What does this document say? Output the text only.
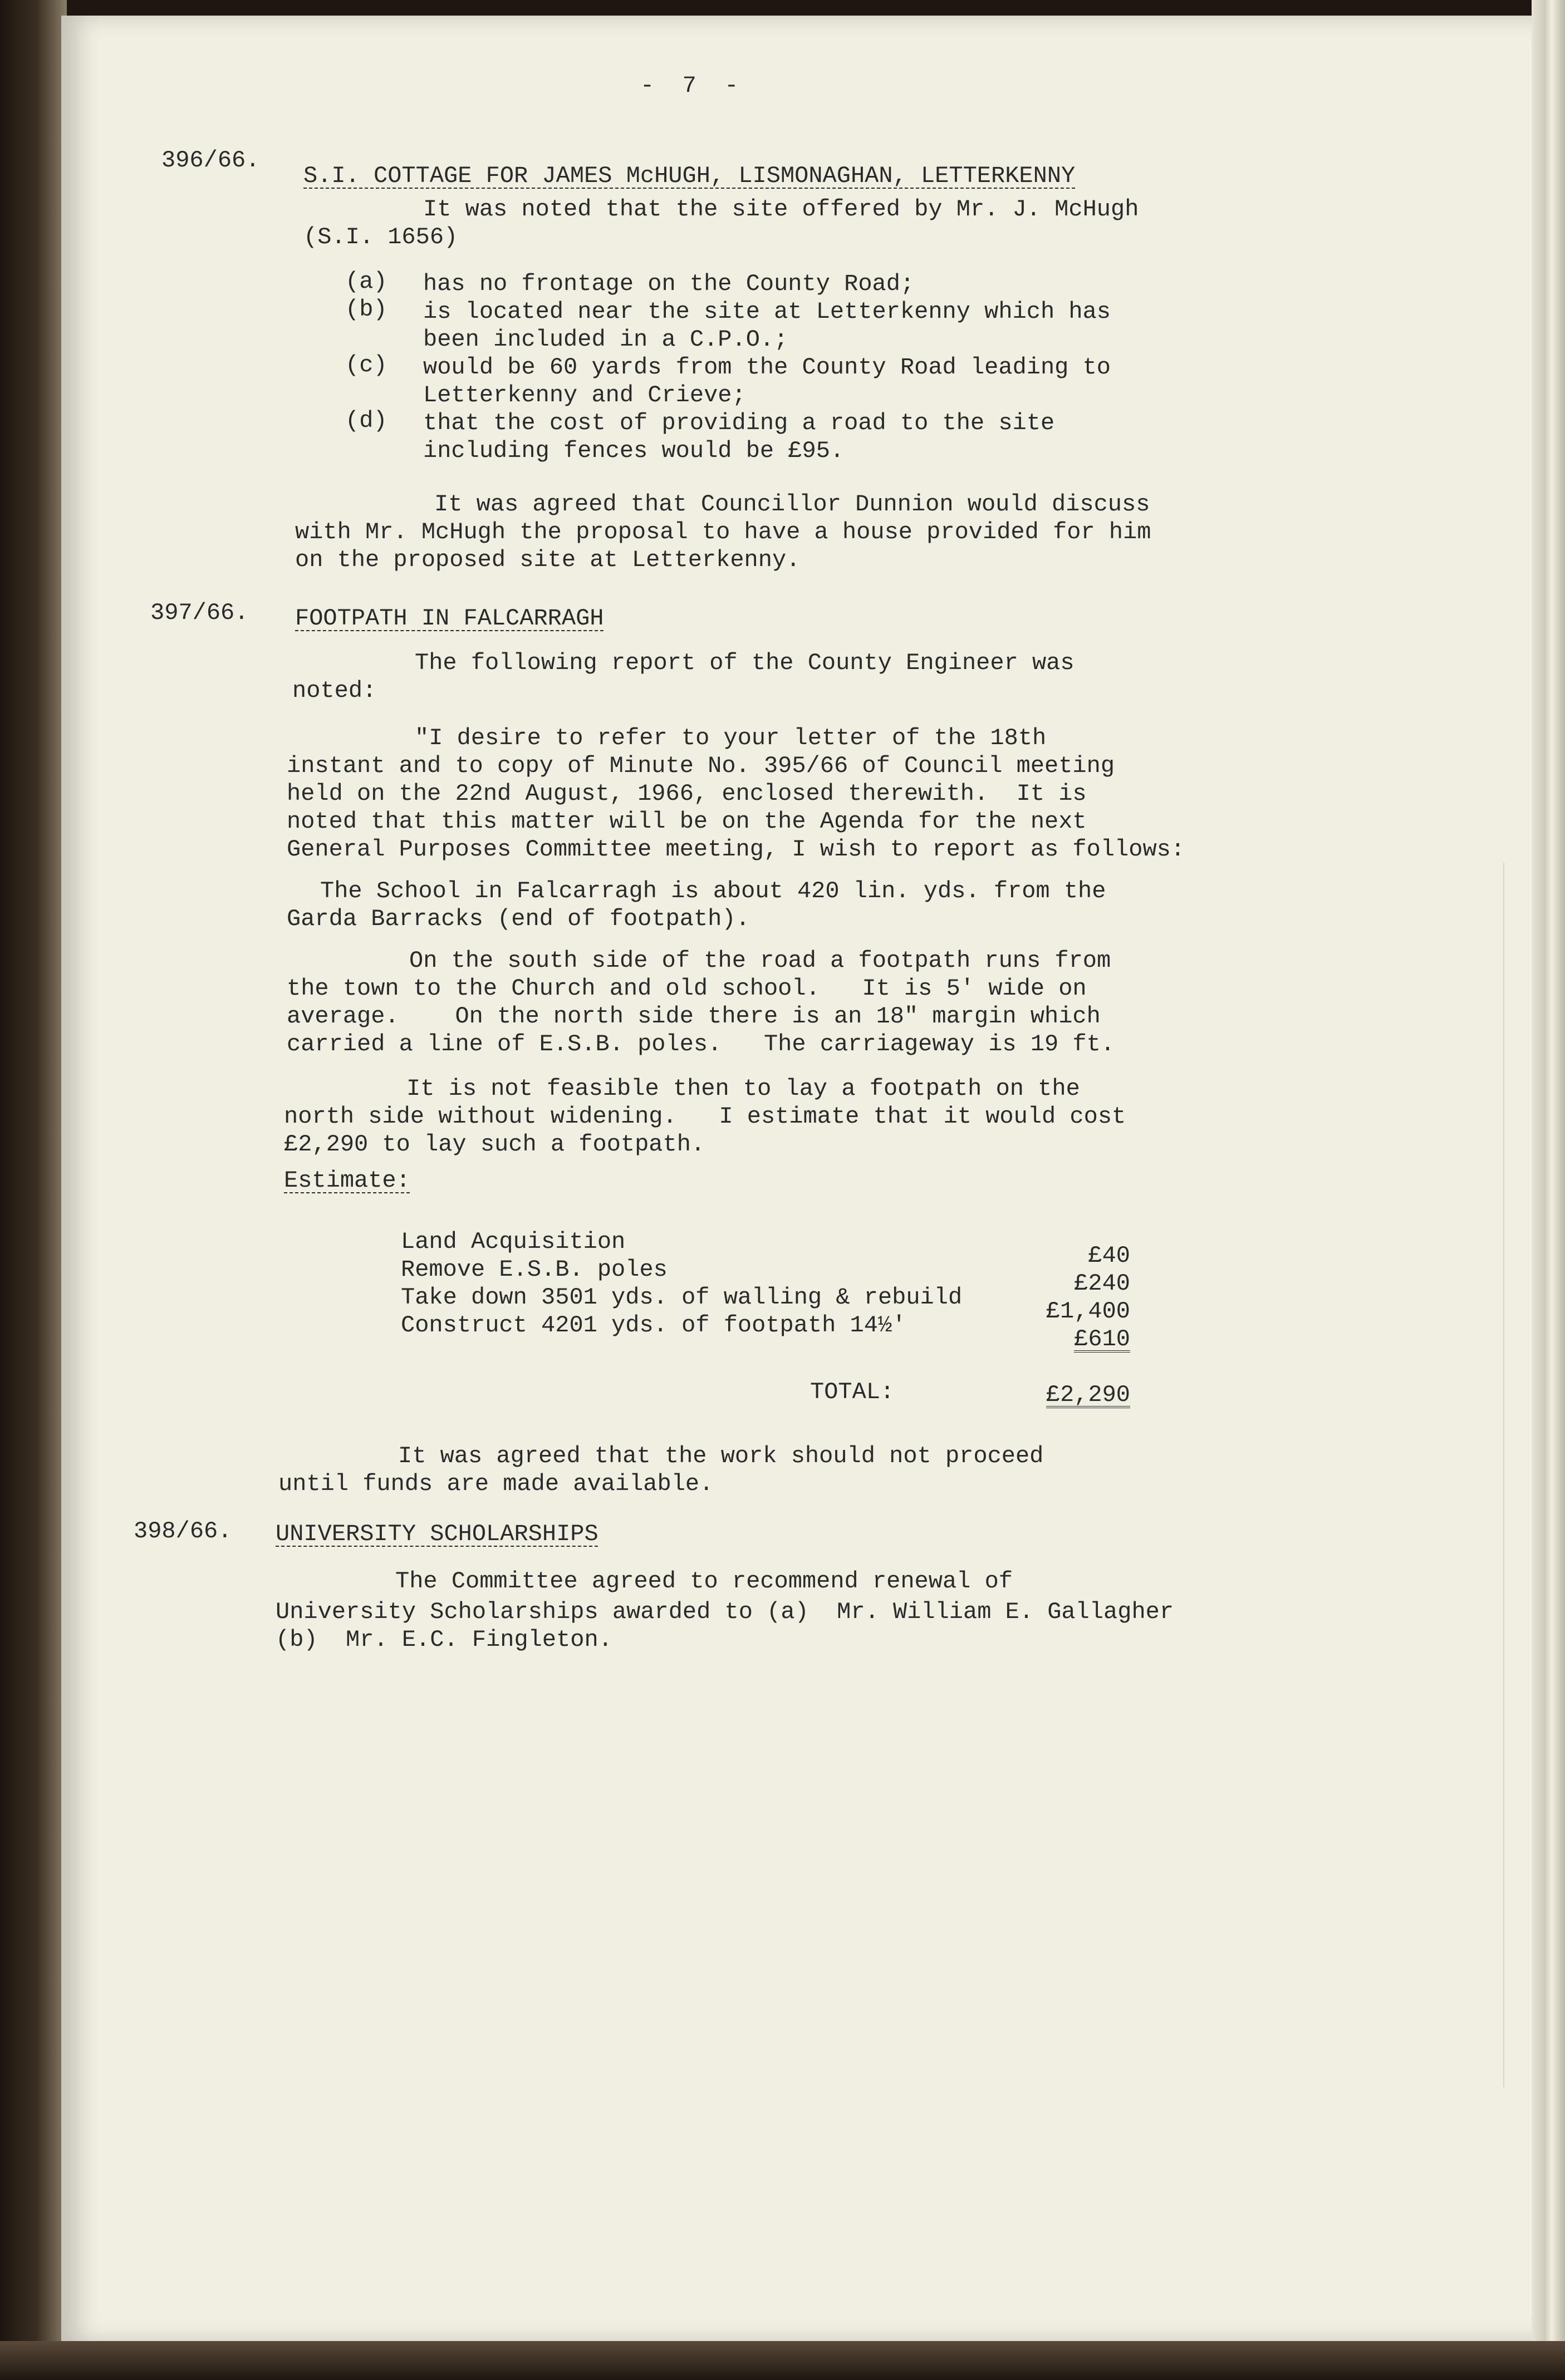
-  7  -
396/66.
S.I. COTTAGE FOR JAMES McHUGH, LISMONAGHAN, LETTERKENNY
It was noted that the site offered by Mr. J. McHugh
(S.I. 1656)
(a) has no frontage on the County Road;
(b) is located near the site at Letterkenny which has
been included in a C.P.O.;
(c) would be 60 yards from the County Road leading to
Letterkenny and Crieve;
(d) that the cost of providing a road to the site
including fences would be £95.
It was agreed that Councillor Dunnion would discuss
with Mr. McHugh the proposal to have a house provided for him
on the proposed site at Letterkenny.
397/66. FOOTPATH IN FALCARRAGH
The following report of the County Engineer was
noted:
"I desire to refer to your letter of the 18th
instant and to copy of Minute No. 395/66 of Council meeting
held on the 22nd August, 1966, enclosed therewith.  It is
noted that this matter will be on the Agenda for the next
General Purposes Committee meeting, I wish to report as follows:
The School in Falcarragh is about 420 lin. yds. from the
Garda Barracks (end of footpath).
On the south side of the road a footpath runs from
the town to the Church and old school.   It is 5' wide on
average.    On the north side there is an 18" margin which
carried a line of E.S.B. poles.   The carriageway is 19 ft.
It is not feasible then to lay a footpath on the
north side without widening.   I estimate that it would cost
£2,290 to lay such a footpath.
Estimate:
Land Acquisition
£40
Remove E.S.B. poles
£240
Take down 3501 yds. of walling & rebuild
£1,400
Construct 4201 yds. of footpath 14½'
£610
TOTAL:	£2,290
It was agreed that the work should not proceed
until funds are made available.
398/66. UNIVERSITY SCHOLARSHIPS
The Committee agreed to recommend renewal of
University Scholarships awarded to (a)  Mr. William E. Gallagher
(b)  Mr. E.C. Fingleton.
